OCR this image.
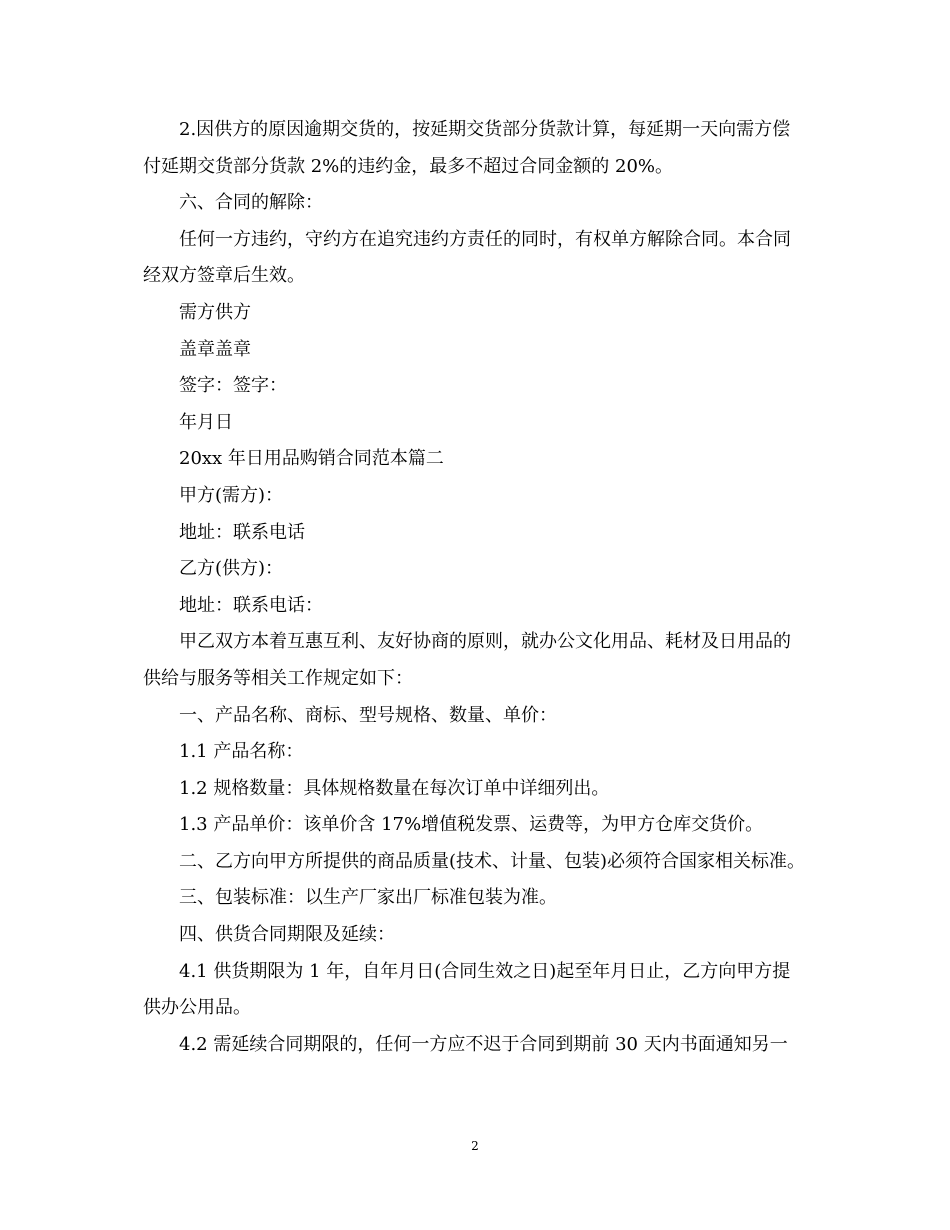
2.因供方的原因逾期交货的，按延期交货部分货款计算，每延期一天向需方偿付延期交货部分货款 2%的违约金，最多不超过合同金额的 20%。

六、合同的解除：

任何一方违约，守约方在追究违约方责任的同时，有权单方解除合同。本合同经双方签章后生效。

需方供方

盖章盖章

签字：签字：

年月日

20xx 年日用品购销合同范本篇二

甲方(需方)：

地址：联系电话

乙方(供方)：

地址：联系电话：

甲乙双方本着互惠互利、友好协商的原则，就办公文化用品、耗材及日用品的供给与服务等相关工作规定如下：

一、产品名称、商标、型号规格、数量、单价：

1.1 产品名称：

1.2 规格数量：具体规格数量在每次订单中详细列出。

1.3 产品单价：该单价含 17%增值税发票、运费等，为甲方仓库交货价。

二、乙方向甲方所提供的商品质量(技术、计量、包装)必须符合国家相关标准。

三、包装标准：以生产厂家出厂标准包装为准。

四、供货合同期限及延续：

4.1 供货期限为 1 年，自年月日(合同生效之日)起至年月日止，乙方向甲方提供办公用品。

4.2 需延续合同期限的，任何一方应不迟于合同到期前 30 天内书面通知另一

2
